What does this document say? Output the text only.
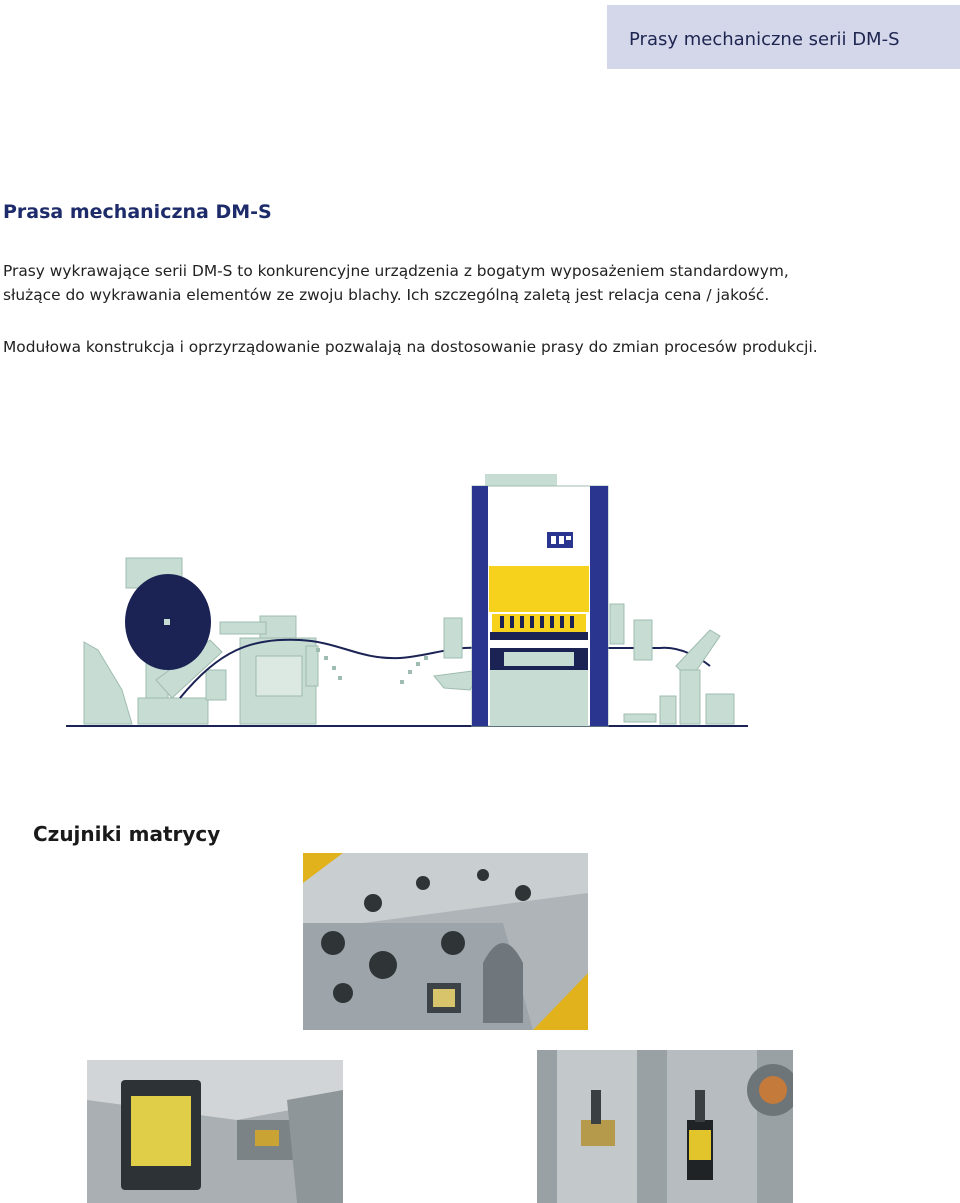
Prasy mechaniczne serii DM-S
Prasa mechaniczna DM-S
Prasy wykrawające serii DM-S to konkurencyjne urządzenia z bogatym wyposażeniem standardowym,
służące do wykrawania elementów ze zwoju blachy. Ich szczególną zaletą jest relacja cena / jakość.
Modułowa konstrukcja i oprzyrządowanie pozwalają na dostosowanie prasy do zmian procesów produkcji.
Czujniki matrycy
